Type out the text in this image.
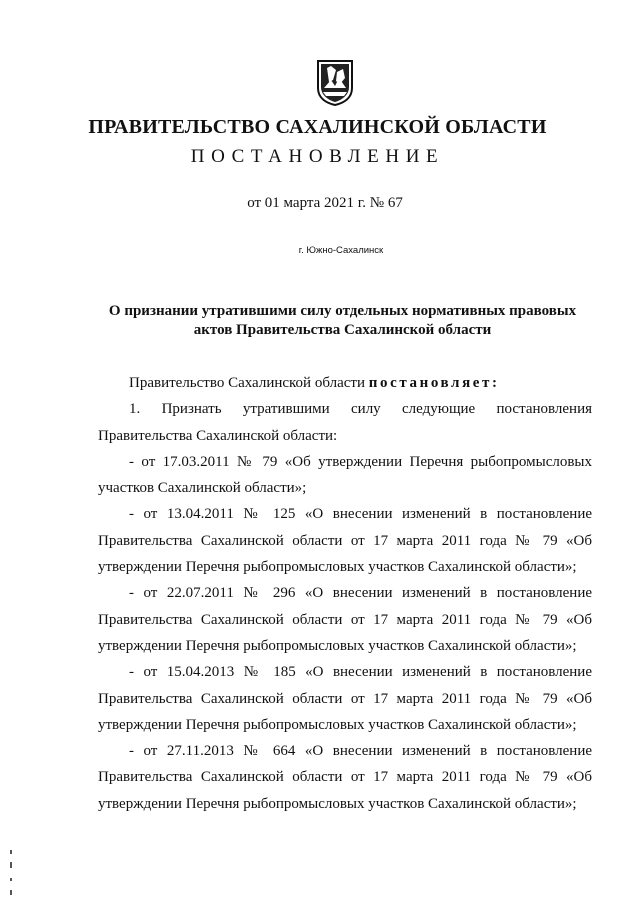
ПРАВИТЕЛЬСТВО САХАЛИНСКОЙ ОБЛАСТИ
ПОСТАНОВЛЕНИЕ
от 01 марта 2021 г. № 67
г. Южно-Сахалинск
О признании утратившими силу отдельных нормативных правовых
актов Правительства Сахалинской области

Правительство Сахалинской области постановляет:

1. Признать утратившими силу следующие постановления Правительства Сахалинской области:

- от 17.03.2011 № 79 «Об утверждении Перечня рыбопромысловых участков Сахалинской области»;

- от 13.04.2011 № 125 «О внесении изменений в постановление Правительства Сахалинской области от 17 марта 2011 года № 79 «Об утверждении Перечня рыбопромысловых участков Сахалинской области»;

- от 22.07.2011 № 296 «О внесении изменений в постановление Правительства Сахалинской области от 17 марта 2011 года № 79 «Об утверждении Перечня рыбопромысловых участков Сахалинской области»;

- от 15.04.2013 № 185 «О внесении изменений в постановление Правительства Сахалинской области от 17 марта 2011 года № 79 «Об утверждении Перечня рыбопромысловых участков Сахалинской области»;

- от 27.11.2013 № 664 «О внесении изменений в постановление Правительства Сахалинской области от 17 марта 2011 года № 79 «Об утверждении Перечня рыбопромысловых участков Сахалинской области»;
